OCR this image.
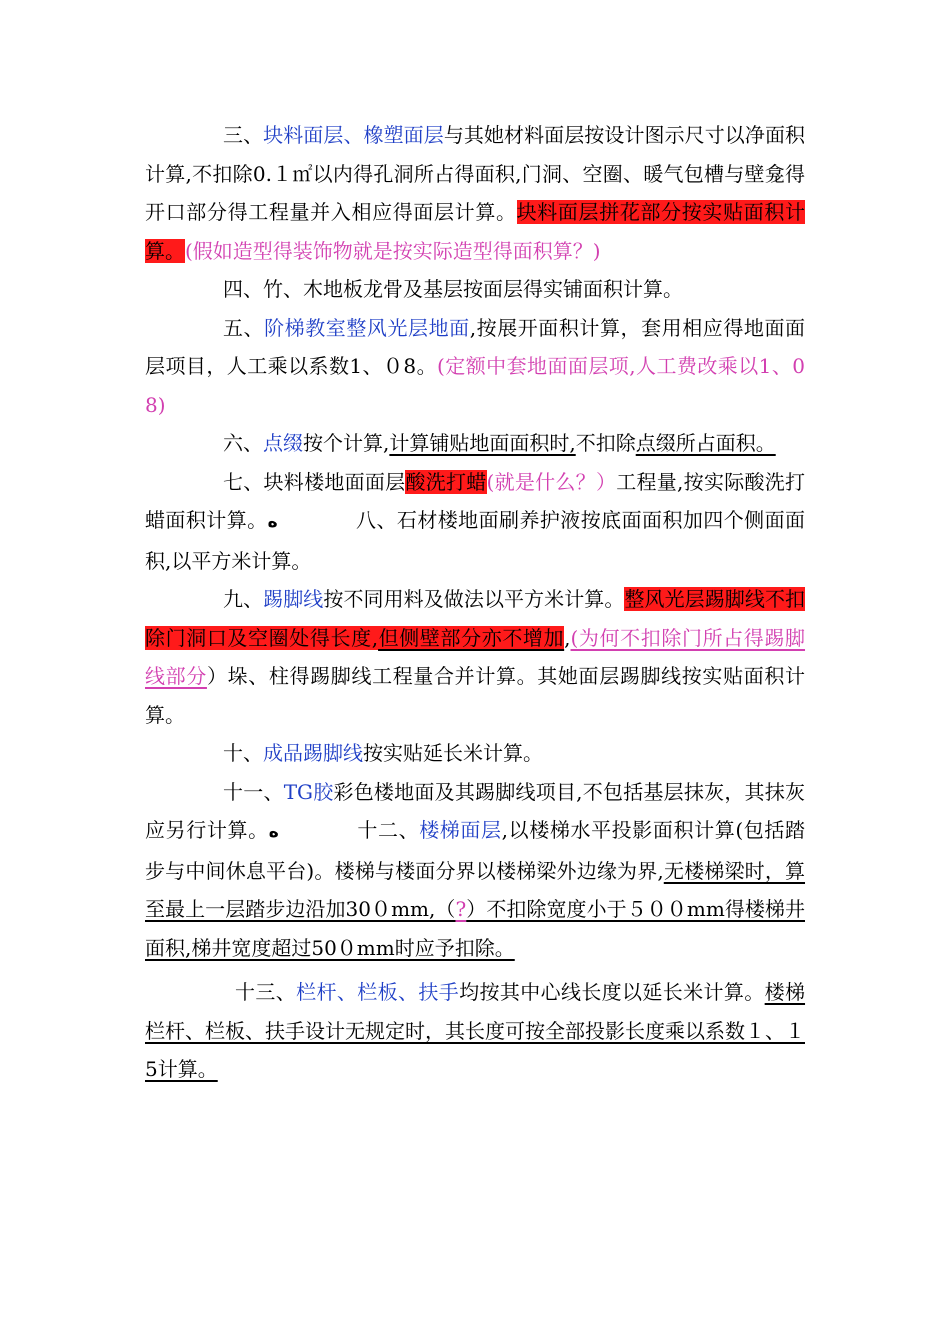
三、块料面层、橡塑面层与其她材料面层按设计图示尺寸以净面积计算,不扣除0.１㎡以内得孔洞所占得面积,门洞、空圈、暖气包槽与壁龛得开口部分得工程量并入相应得面层计算。块料面层拼花部分按实贴面积计算。(假如造型得装饰物就是按实际造型得面积算？)

四、竹、木地板龙骨及基层按面层得实铺面积计算。

五、阶梯教室整风光层地面,按展开面积计算，套用相应得地面面层项目，人工乘以系数1、０8。(定额中套地面面层项,人工费改乘以1、08)

六、点缀按个计算,计算铺贴地面面积时,不扣除点缀所占面积。

七、块料楼地面面层酸洗打蜡(就是什么？）工程量,按实际酸洗打蜡面积计算。ﻩ	八、石材楼地面刷养护液按底面面积加四个侧面面积,以平方米计算。

九、踢脚线按不同用料及做法以平方米计算。整风光层踢脚线不扣除门洞口及空圈处得长度,但侧壁部分亦不增加,(为何不扣除门所占得踢脚线部分）垛、柱得踢脚线工程量合并计算。其她面层踢脚线按实贴面积计算。

十、成品踢脚线按实贴延长米计算。

十一、TG胶彩色楼地面及其踢脚线项目,不包括基层抹灰，其抹灰应另行计算。ﻩ	十二、楼梯面层,以楼梯水平投影面积计算(包括踏步与中间休息平台)。楼梯与楼面分界以楼梯梁外边缘为界,无楼梯梁时，算至最上一层踏步边沿加30０mm,（?）不扣除宽度小于５００mm得楼梯井面积,梯井宽度超过50０mm时应予扣除。

十三、栏杆、栏板、扶手均按其中心线长度以延长米计算。楼梯栏杆、栏板、扶手设计无规定时，其长度可按全部投影长度乘以系数１、１5计算。
